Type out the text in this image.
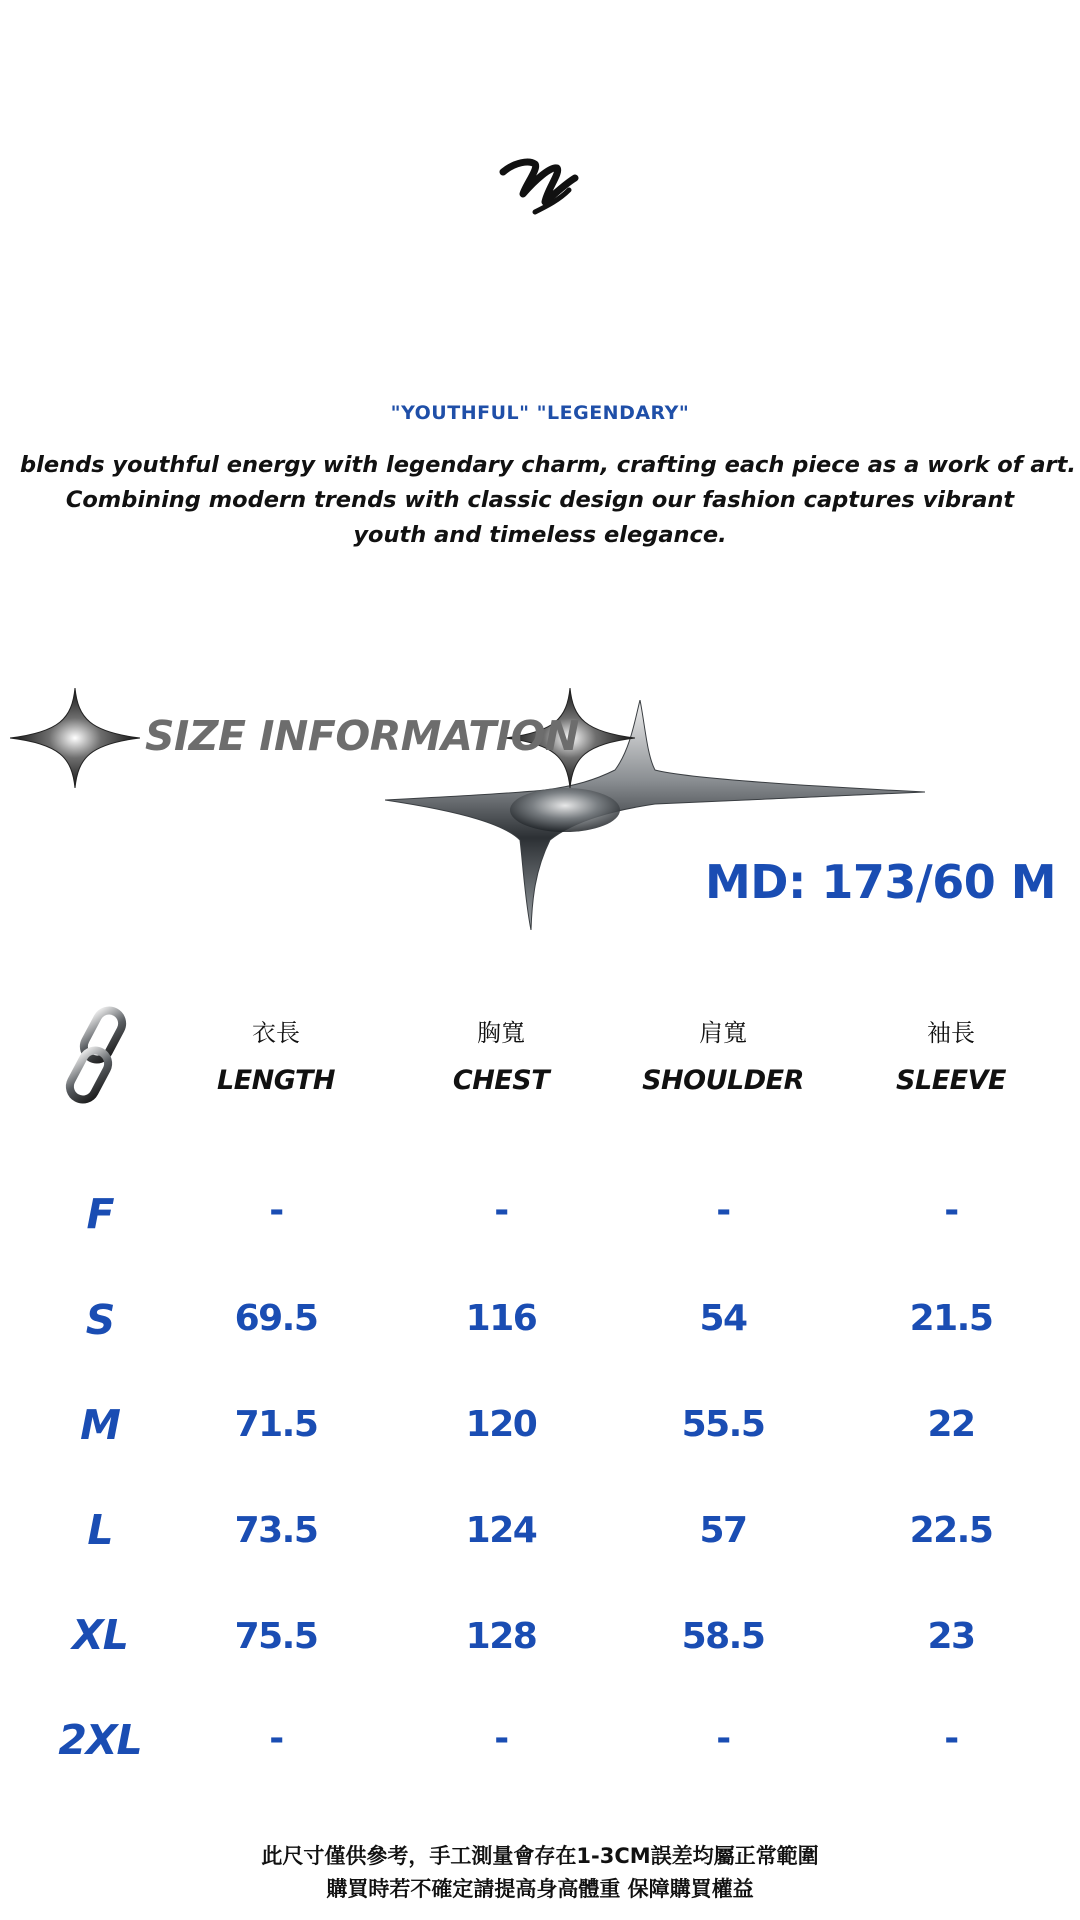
"YOUTHFUL" "LEGENDARY"
blends youthful energy with legendary charm, crafting each piece as a work of art.
Combining modern trends with classic design our fashion captures vibrant
youth and timeless elegance.
SIZE INFORMATION
MD: 173/60 M
衣長	胸寬	肩寬	袖長
LENGTH	CHEST	SHOULDER	SLEEVE
F	-	-	-	-
S	69.5	116	54	21.5
M	71.5	120	55.5	22
L	73.5	124	57	22.5
XL	75.5	128	58.5	23
2XL	-	-	-	-
此尺寸僅供參考，手工測量會存在1-3CM誤差均屬正常範圍
購買時若不確定請提高身高體重 保障購買權益
